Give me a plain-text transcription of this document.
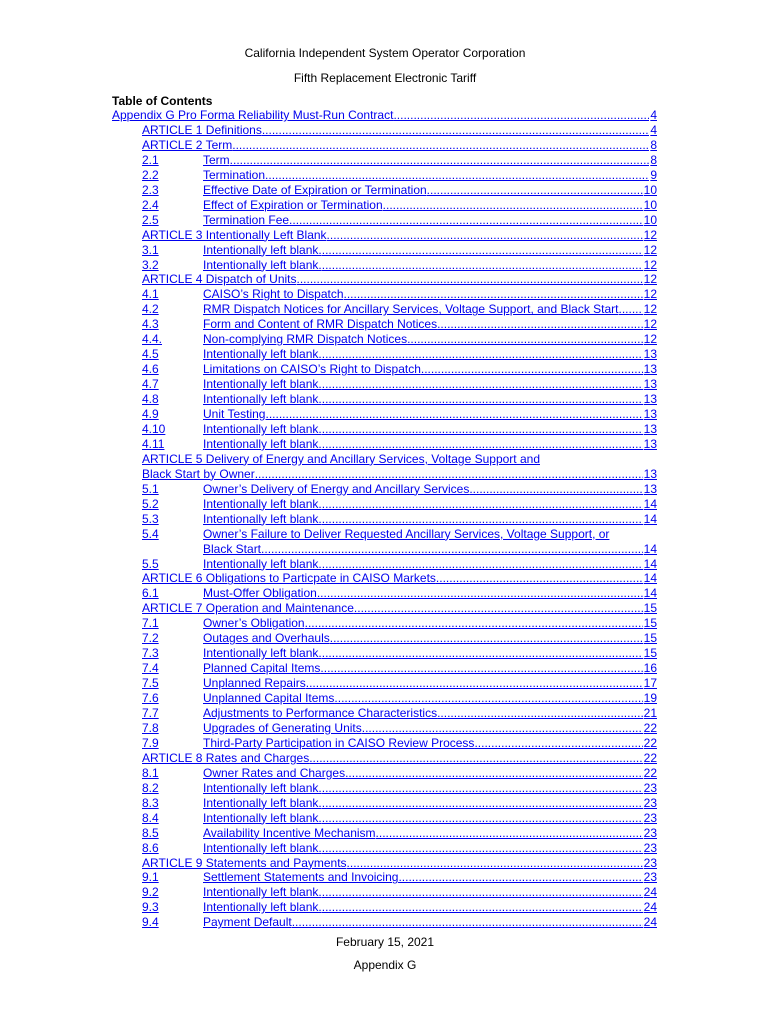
California Independent System Operator Corporation
Fifth Replacement Electronic Tariff
Table of Contents
Appendix G Pro Forma Reliability Must-Run Contract .....	4
ARTICLE 1 Definitions .....	4
ARTICLE 2 Term .....	8
2.1	Term .....	8
2.2	Termination .....	9
2.3	Effective Date of Expiration or Termination .....	10
2.4	Effect of Expiration or Termination .....	10
2.5	Termination Fee .....	10
ARTICLE 3 Intentionally Left Blank .....	12
3.1	Intentionally left blank. .....	12
3.2	Intentionally left blank. .....	12
ARTICLE 4 Dispatch of Units .....	12
4.1	CAISO’s Right to Dispatch .....	12
4.2	RMR Dispatch Notices for Ancillary Services, Voltage Support, and Black Start ..... 12
4.3	Form and Content of RMR Dispatch Notices .....	12
4.4.	Non-complying RMR Dispatch Notices .....	12
4.5	Intentionally left blank. .....	13
4.6	Limitations on CAISO’s Right to Dispatch .....	13
4.7	Intentionally left blank. .....	13
4.8	Intentionally left blank. .....	13
4.9	Unit Testing .....	13
4.10	Intentionally left blank. .....	13
4.11	Intentionally left blank. .....	13
ARTICLE 5 Delivery of Energy and Ancillary Services, Voltage Support and
Black Start by Owner .....	13
5.1	Owner’s Delivery of Energy and Ancillary Services .....	13
5.2	Intentionally left blank. .....	14
5.3	Intentionally left blank. .....	14
5.4	Owner’s Failure to Deliver Requested Ancillary Services, Voltage Support, or
Black Start .....	14
5.5	Intentionally left blank. .....	14
ARTICLE 6 Obligations to Particpate in CAISO Markets .....	14
6.1	Must-Offer Obligation .....	14
ARTICLE 7 Operation and Maintenance .....	15
7.1	Owner’s Obligation .....	15
7.2	Outages and Overhauls .....	15
7.3	Intentionally left blank. .....	15
7.4	Planned Capital Items .....	16
7.5	Unplanned Repairs .....	17
7.6	Unplanned Capital Items .....	19
7.7	Adjustments to Performance Characteristics .....	21
7.8	Upgrades of Generating Units .....	22
7.9	Third-Party Participation in CAISO Review Process .....	22
ARTICLE 8 Rates and Charges .....	22
8.1	Owner Rates and Charges .....	22
8.2	Intentionally left blank. .....	23
8.3	Intentionally left blank. .....	23
8.4	Intentionally left blank. .....	23
8.5	Availability Incentive Mechanism .....	23
8.6	Intentionally left blank. .....	23
ARTICLE 9 Statements and Payments .....	23
9.1	Settlement Statements and Invoicing .....	23
9.2	Intentionally left blank. .....	24
9.3	Intentionally left blank. .....	24
9.4	Payment Default .....	24
February 15, 2021
Appendix G
